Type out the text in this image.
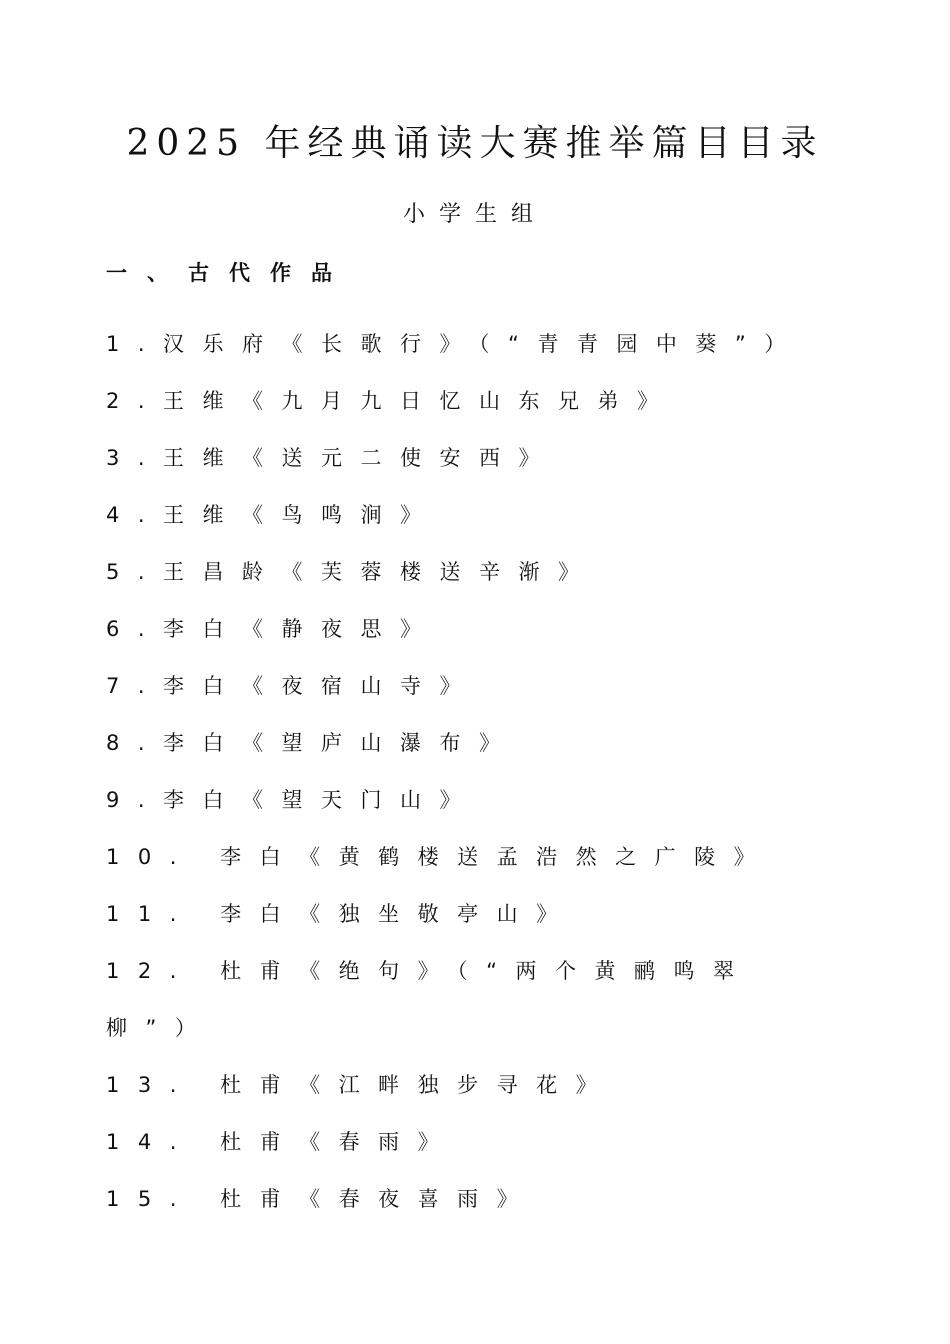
2025 年经典诵读大赛推举篇目目录
小学生组
一、古代作品
1.汉乐府《长歌行》（“青青园中葵”）
2.王维《九月九日忆山东兄弟》
3.王维《送元二使安西》
4.王维《鸟鸣涧》
5.王昌龄《芙蓉楼送辛渐》
6.李白《静夜思》
7.李白《夜宿山寺》
8.李白《望庐山瀑布》
9.李白《望天门山》
10. 李白《黄鹤楼送孟浩然之广陵》
11. 李白《独坐敬亭山》
12. 杜甫《绝句》（“两个黄鹂鸣翠
柳”）
13. 杜甫《江畔独步寻花》
14. 杜甫《春雨》
15. 杜甫《春夜喜雨》
